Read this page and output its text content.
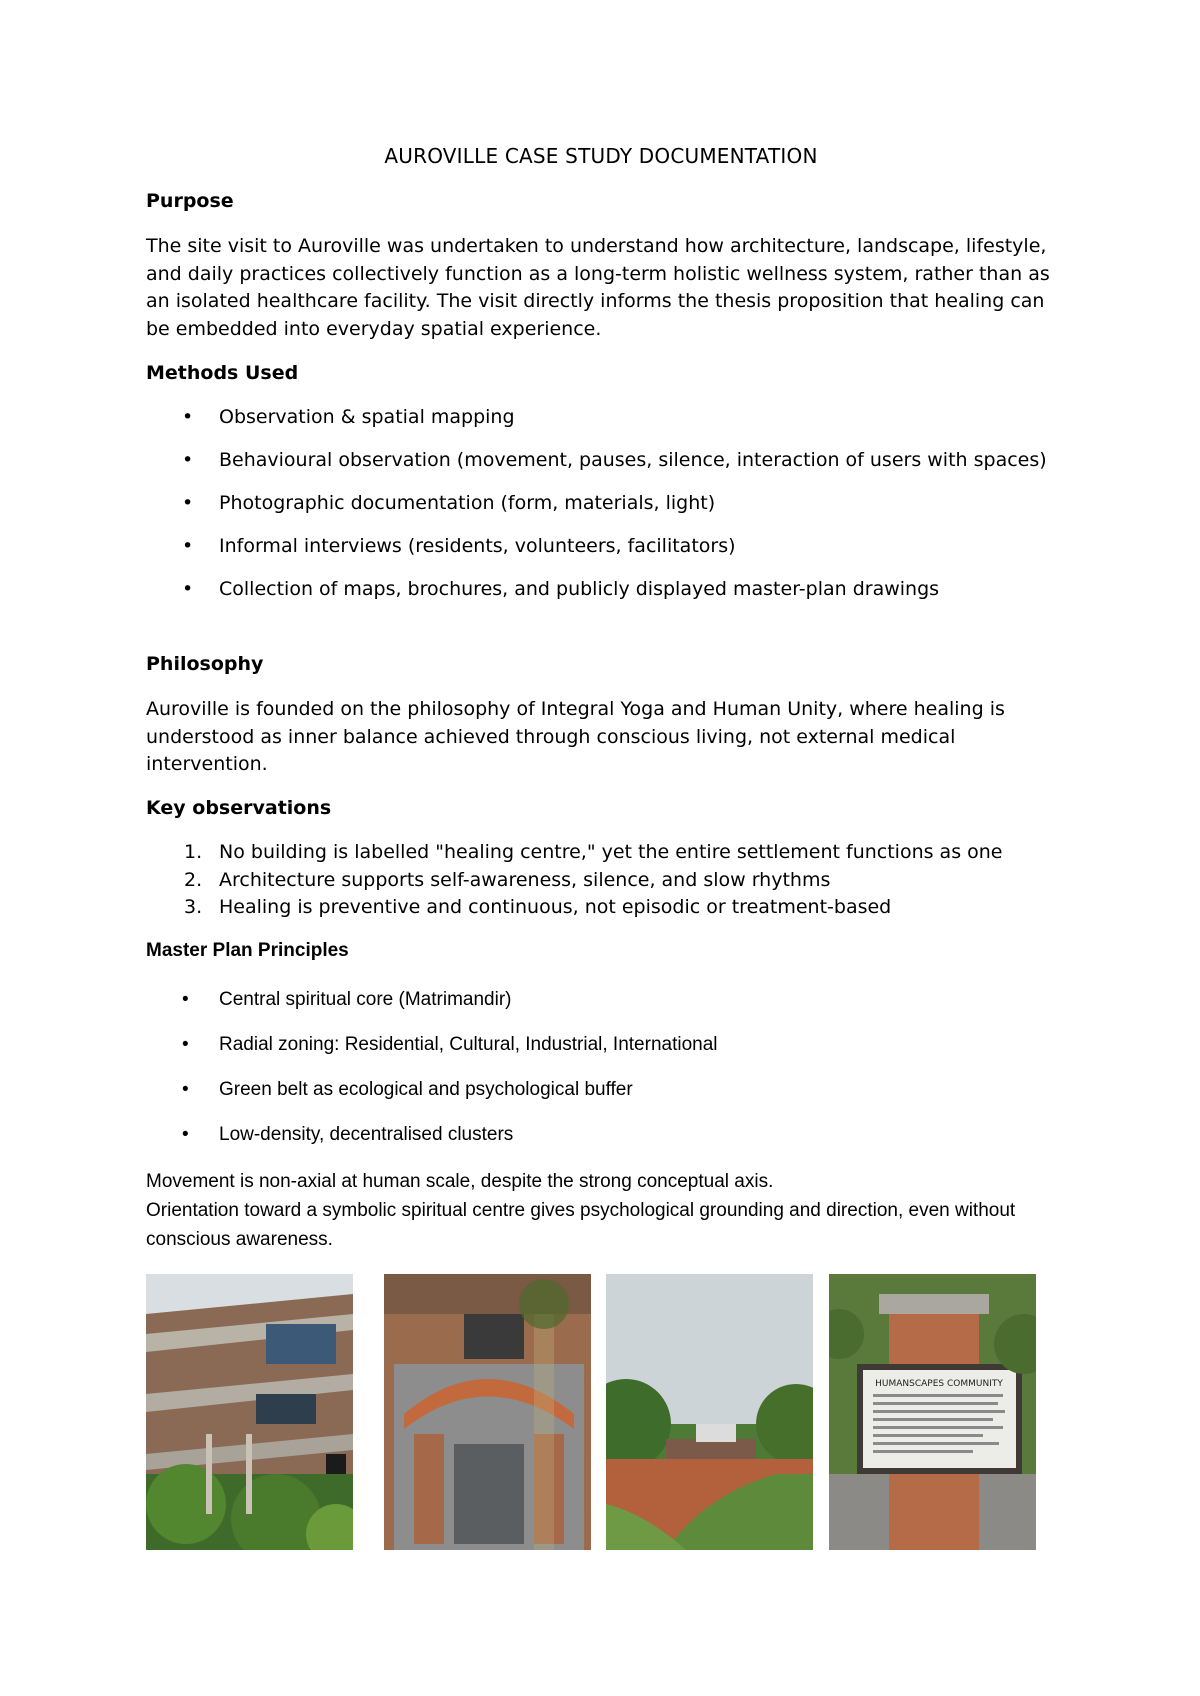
AUROVILLE CASE STUDY DOCUMENTATION
Purpose

The site visit to Auroville was undertaken to understand how architecture, landscape, lifestyle, and daily practices collectively function as a long-term holistic wellness system, rather than as an isolated healthcare facility. The visit directly informs the thesis proposition that healing can be embedded into everyday spatial experience.

Methods Used
• Observation & spatial mapping
• Behavioural observation (movement, pauses, silence, interaction of users with spaces)
• Photographic documentation (form, materials, light)
• Informal interviews (residents, volunteers, facilitators)
• Collection of maps, brochures, and publicly displayed master-plan drawings
Philosophy

Auroville is founded on the philosophy of Integral Yoga and Human Unity, where healing is understood as inner balance achieved through conscious living, not external medical intervention.

Key observations
1. No building is labelled "healing centre," yet the entire settlement functions as one
2. Architecture supports self-awareness, silence, and slow rhythms
3. Healing is preventive and continuous, not episodic or treatment-based
Master Plan Principles
• Central spiritual core (Matrimandir)
• Radial zoning: Residential, Cultural, Industrial, International
• Green belt as ecological and psychological buffer
• Low-density, decentralised clusters

Movement is non-axial at human scale, despite the strong conceptual axis.

Orientation toward a symbolic spiritual centre gives psychological grounding and direction, even without conscious awareness.

HUMANSCAPES COMMUNITY
